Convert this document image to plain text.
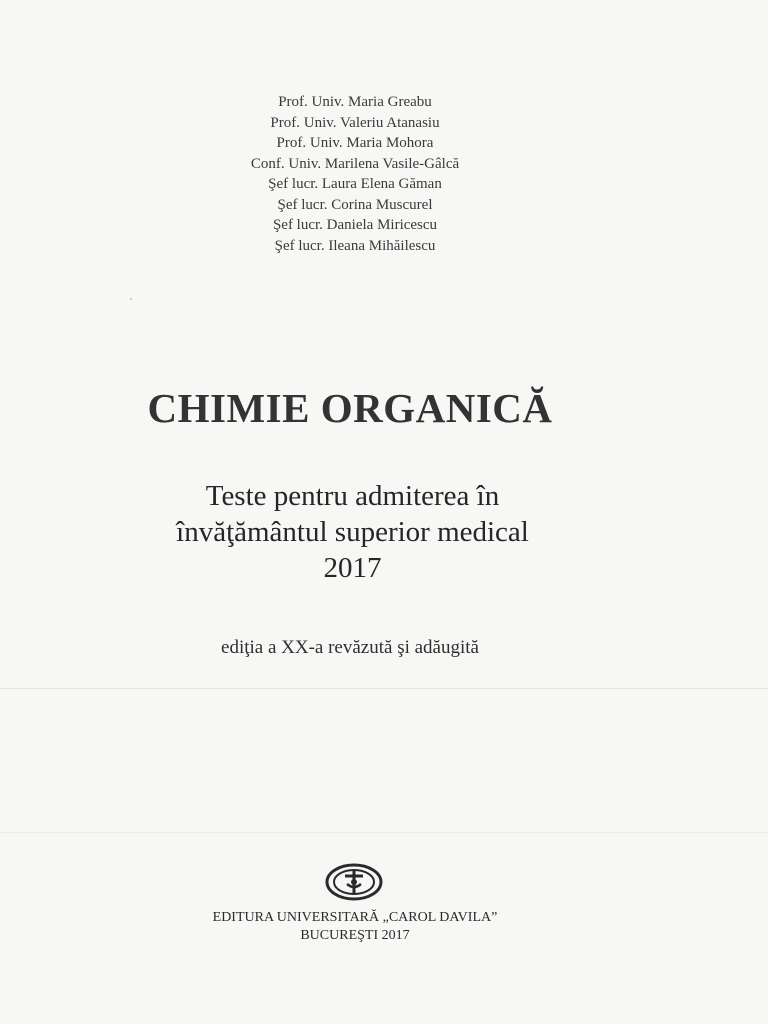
Prof. Univ. Maria Greabu
Prof. Univ. Valeriu Atanasiu
Prof. Univ. Maria Mohora
Conf. Univ. Marilena Vasile-Gâlcă
Şef lucr. Laura Elena Găman
Şef lucr. Corina Muscurel
Şef lucr. Daniela Miricescu
Şef lucr. Ileana Mihăilescu
CHIMIE ORGANICĂ
Teste pentru admiterea în
învăţământul superior medical
2017
ediţia a XX-a revăzută şi adăugită
EDITURA UNIVERSITARĂ „CAROL DAVILA”
BUCUREŞTI 2017
